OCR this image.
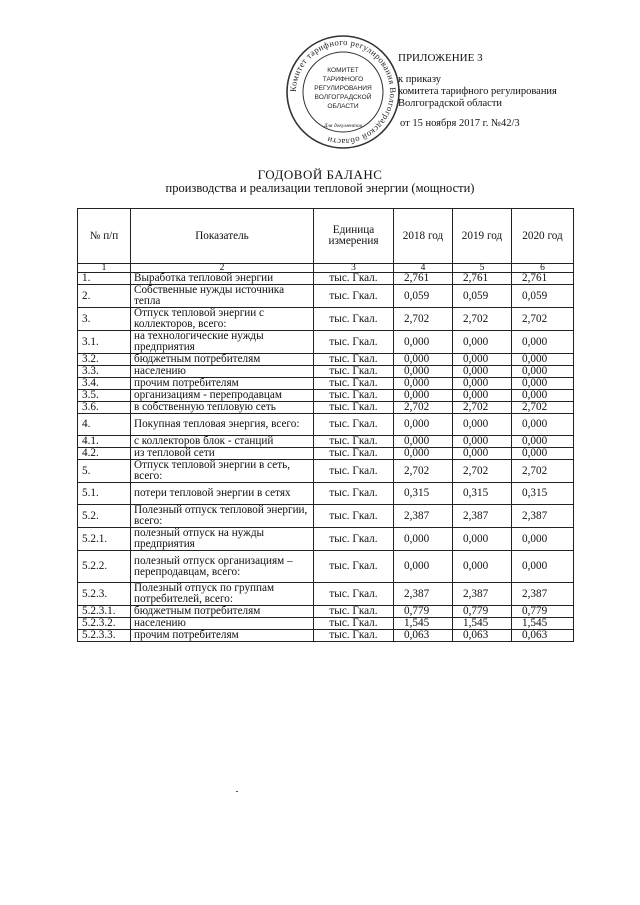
Комитет тарифного регулирования Волгоградской области
КОМИТЕТ
ТАРИФНОГО
РЕГУЛИРОВАНИЯ
ВОЛГОГРАДСКОЙ
ОБЛАСТИ
Для документов
ПРИЛОЖЕНИЕ 3
к приказу
комитета тарифного регулирования
Волгоградской области
от 15 ноября 2017 г. №42/3
ГОДОВОЙ БАЛАНС
производства и реализации тепловой энергии (мощности)
№ п/п	Показатель	Единица измерения	2018 год	2019 год	2020 год
1	2	3	4	5	6
1.	Выработка тепловой энергии	тыс. Гкал.	2,761	2,761	2,761
2.	Собственные нужды источника тепла	тыс. Гкал.	0,059	0,059	0,059
3.	Отпуск тепловой энергии с коллекторов, всего:	тыс. Гкал.	2,702	2,702	2,702
3.1.	на технологические нужды предприятия	тыс. Гкал.	0,000	0,000	0,000
3.2.	бюджетным потребителям	тыс. Гкал.	0,000	0,000	0,000
3.3.	населению	тыс. Гкал.	0,000	0,000	0,000
3.4.	прочим потребителям	тыс. Гкал.	0,000	0,000	0,000
3.5.	организациям - перепродавцам	тыс. Гкал.	0,000	0,000	0,000
3.6.	в собственную тепловую сеть	тыс. Гкал.	2,702	2,702	2,702
4.	Покупная тепловая энергия, всего:	тыс. Гкал.	0,000	0,000	0,000
4.1.	с коллекторов блок - станций	тыс. Гкал.	0,000	0,000	0,000
4.2.	из тепловой сети	тыс. Гкал.	0,000	0,000	0,000
5.	Отпуск тепловой энергии в сеть, всего:	тыс. Гкал.	2,702	2,702	2,702
5.1.	потери тепловой энергии в сетях	тыс. Гкал.	0,315	0,315	0,315
5.2.	Полезный отпуск тепловой энергии, всего:	тыс. Гкал.	2,387	2,387	2,387
5.2.1.	полезный отпуск на нужды предприятия	тыс. Гкал.	0,000	0,000	0,000
5.2.2.	полезный отпуск организациям – перепродавцам, всего:	тыс. Гкал.	0,000	0,000	0,000
5.2.3.	Полезный отпуск по группам потребителей, всего:	тыс. Гкал.	2,387	2,387	2,387
5.2.3.1.	бюджетным потребителям	тыс. Гкал.	0,779	0,779	0,779
5.2.3.2.	населению	тыс. Гкал.	1,545	1,545	1,545
5.2.3.3.	прочим потребителям	тыс. Гкал.	0,063	0,063	0,063
